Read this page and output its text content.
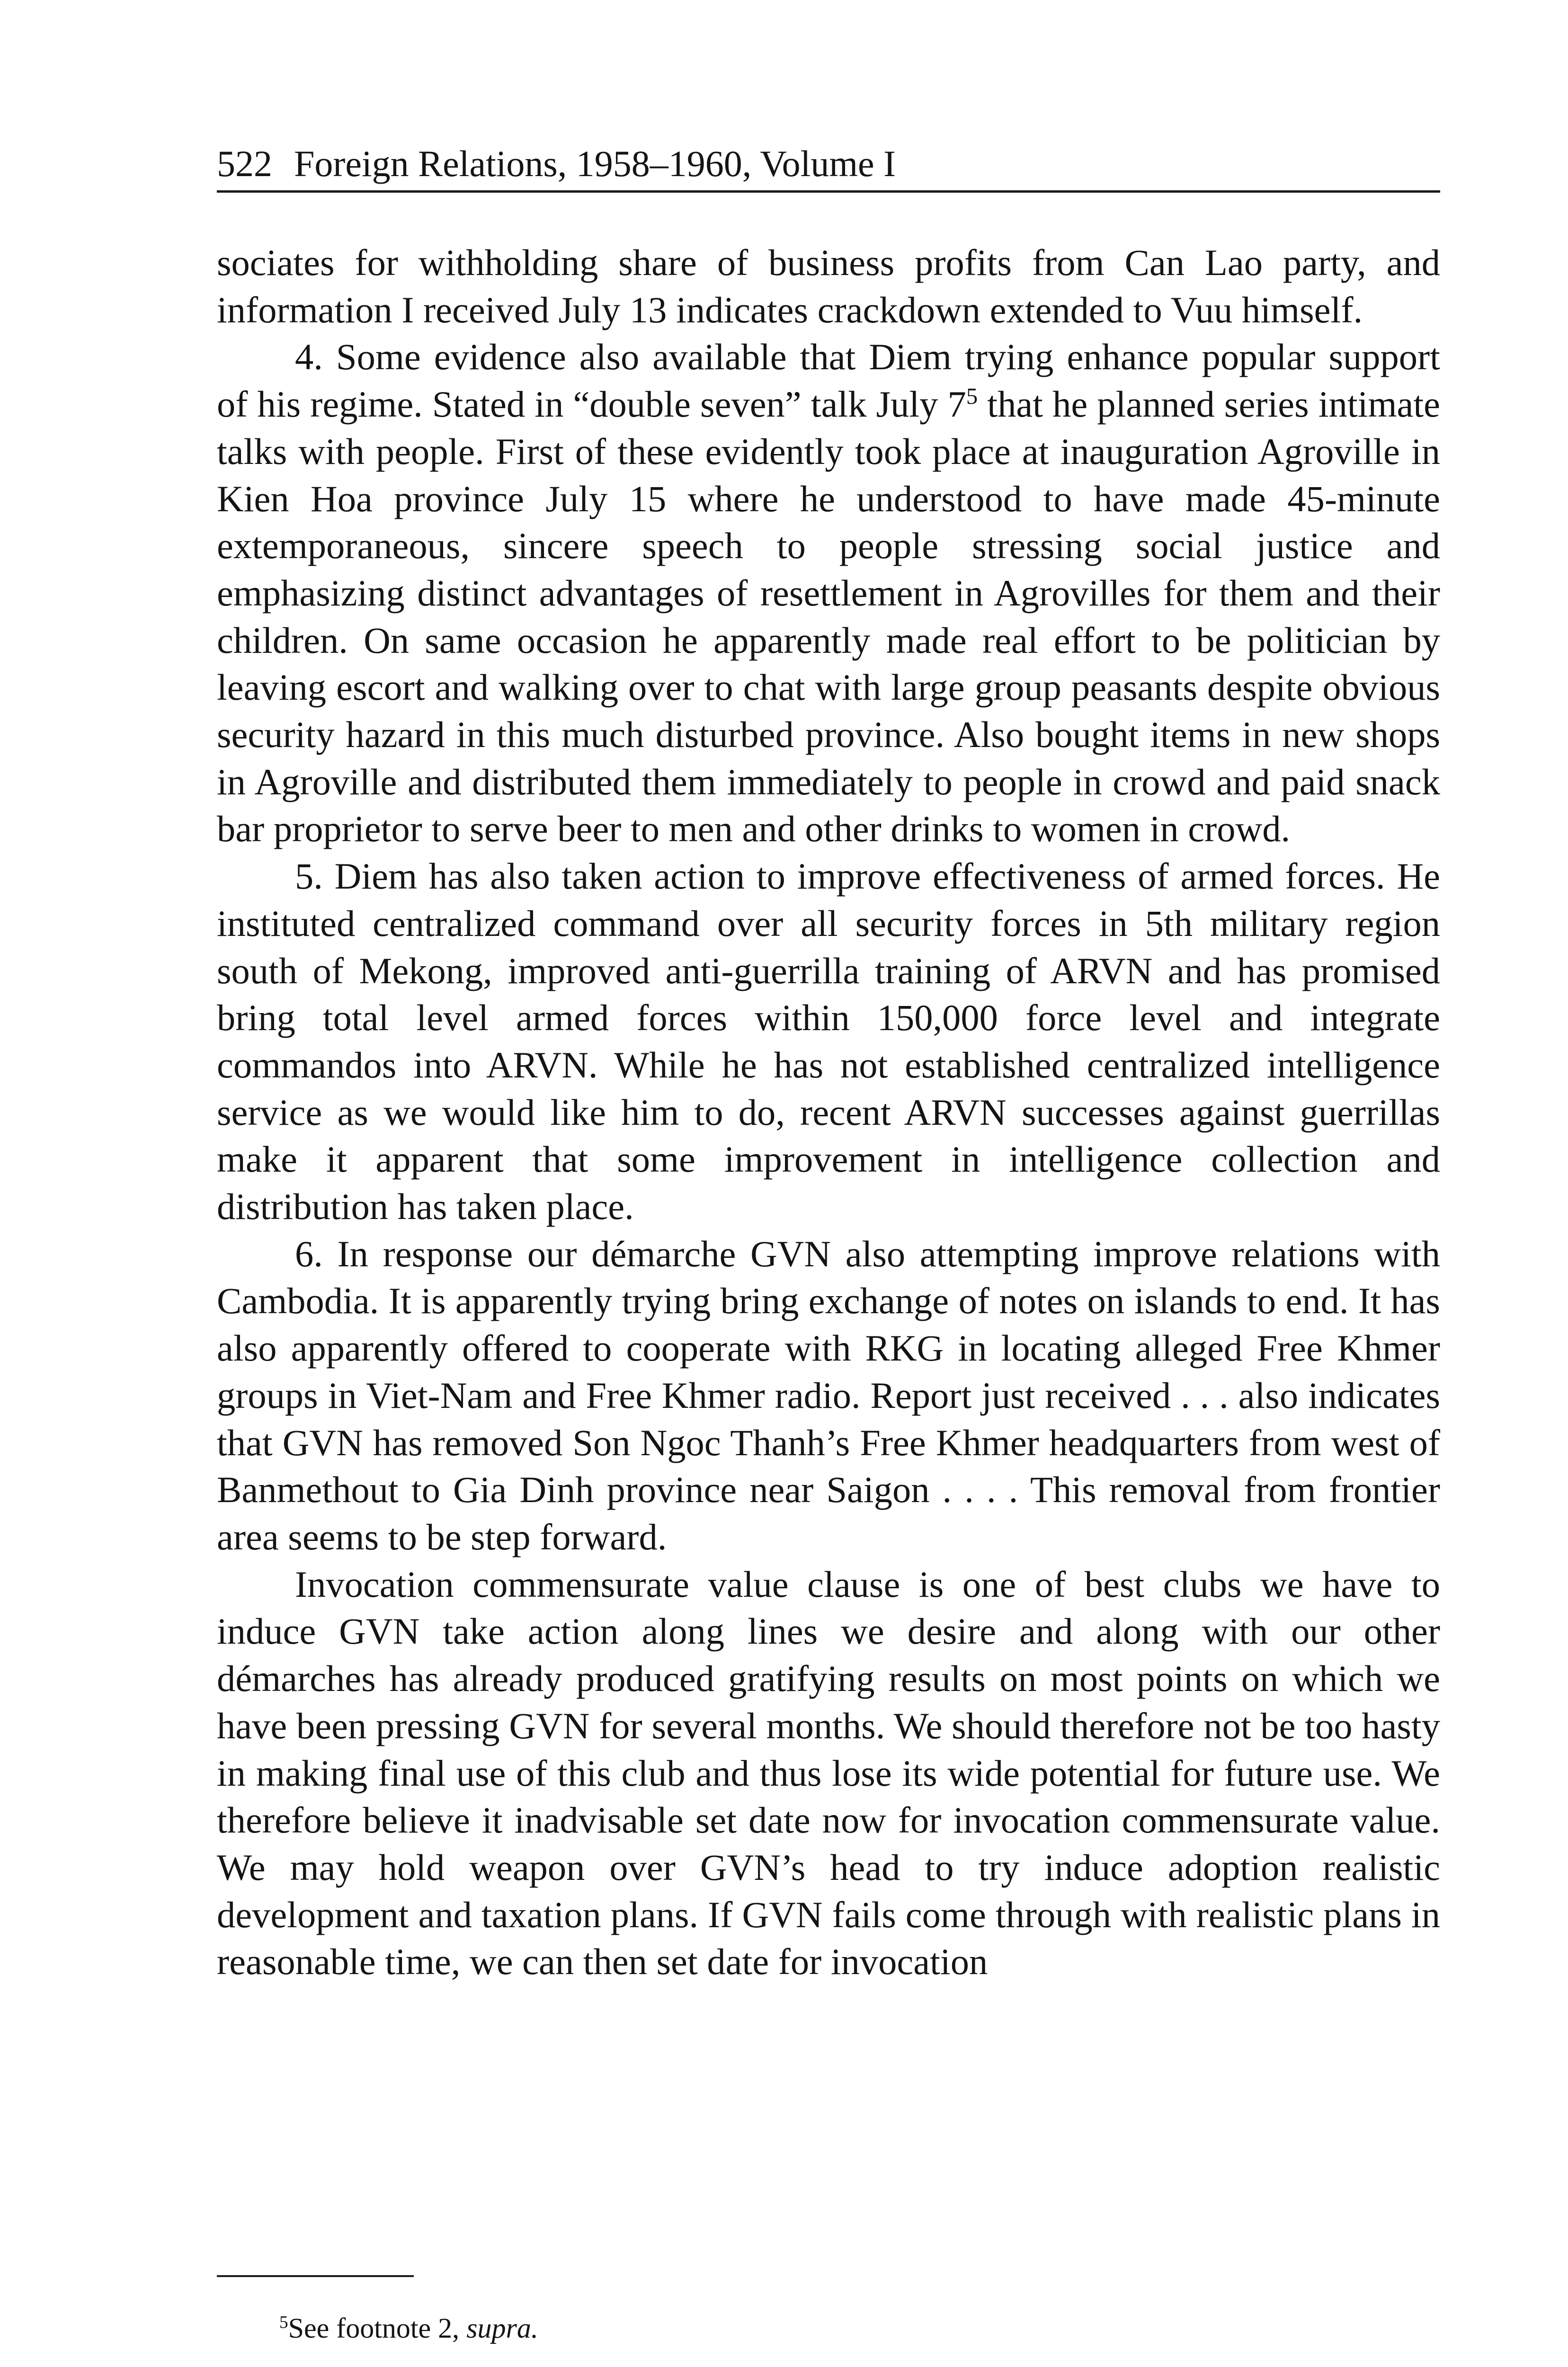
522 Foreign Relations, 1958–1960, Volume I

sociates for withholding share of business profits from Can Lao party, and information I received July 13 indicates crackdown extended to Vuu himself.

4. Some evidence also available that Diem trying enhance popular support of his regime. Stated in “double seven” talk July $7^5$ that he planned series intimate talks with people. First of these evidently took place at inauguration Agroville in Kien Hoa province July 15 where he understood to have made 45-minute extemporaneous, sincere speech to people stressing social justice and emphasizing distinct advantages of resettlement in Agrovilles for them and their children. On same occasion he apparently made real effort to be politician by leaving escort and walking over to chat with large group peasants despite obvious security hazard in this much disturbed province. Also bought items in new shops in Agroville and distributed them immediately to people in crowd and paid snack bar proprietor to serve beer to men and other drinks to women in crowd.

5. Diem has also taken action to improve effectiveness of armed forces. He instituted centralized command over all security forces in 5th military region south of Mekong, improved anti-guerrilla training of ARVN and has promised bring total level armed forces within 150,000 force level and integrate commandos into ARVN. While he has not established centralized intelligence service as we would like him to do, recent ARVN successes against guerrillas make it apparent that some improvement in intelligence collection and distribution has taken place.

6. In response our démarche GVN also attempting improve relations with Cambodia. It is apparently trying bring exchange of notes on islands to end. It has also apparently offered to cooperate with RKG in locating alleged Free Khmer groups in Viet-Nam and Free Khmer radio. Report just received . . . also indicates that GVN has removed Son Ngoc Thanh’s Free Khmer headquarters from west of Banmethout to Gia Dinh province near Saigon . . . . This removal from frontier area seems to be step forward.

Invocation commensurate value clause is one of best clubs we have to induce GVN take action along lines we desire and along with our other démarches has already produced gratifying results on most points on which we have been pressing GVN for several months. We should therefore not be too hasty in making final use of this club and thus lose its wide potential for future use. We therefore believe it inadvisable set date now for invocation commensurate value. We may hold weapon over GVN’s head to try induce adoption realistic development and taxation plans. If GVN fails come through with realistic plans in reasonable time, we can then set date for invocation

$^5$See footnote 2, supra.
